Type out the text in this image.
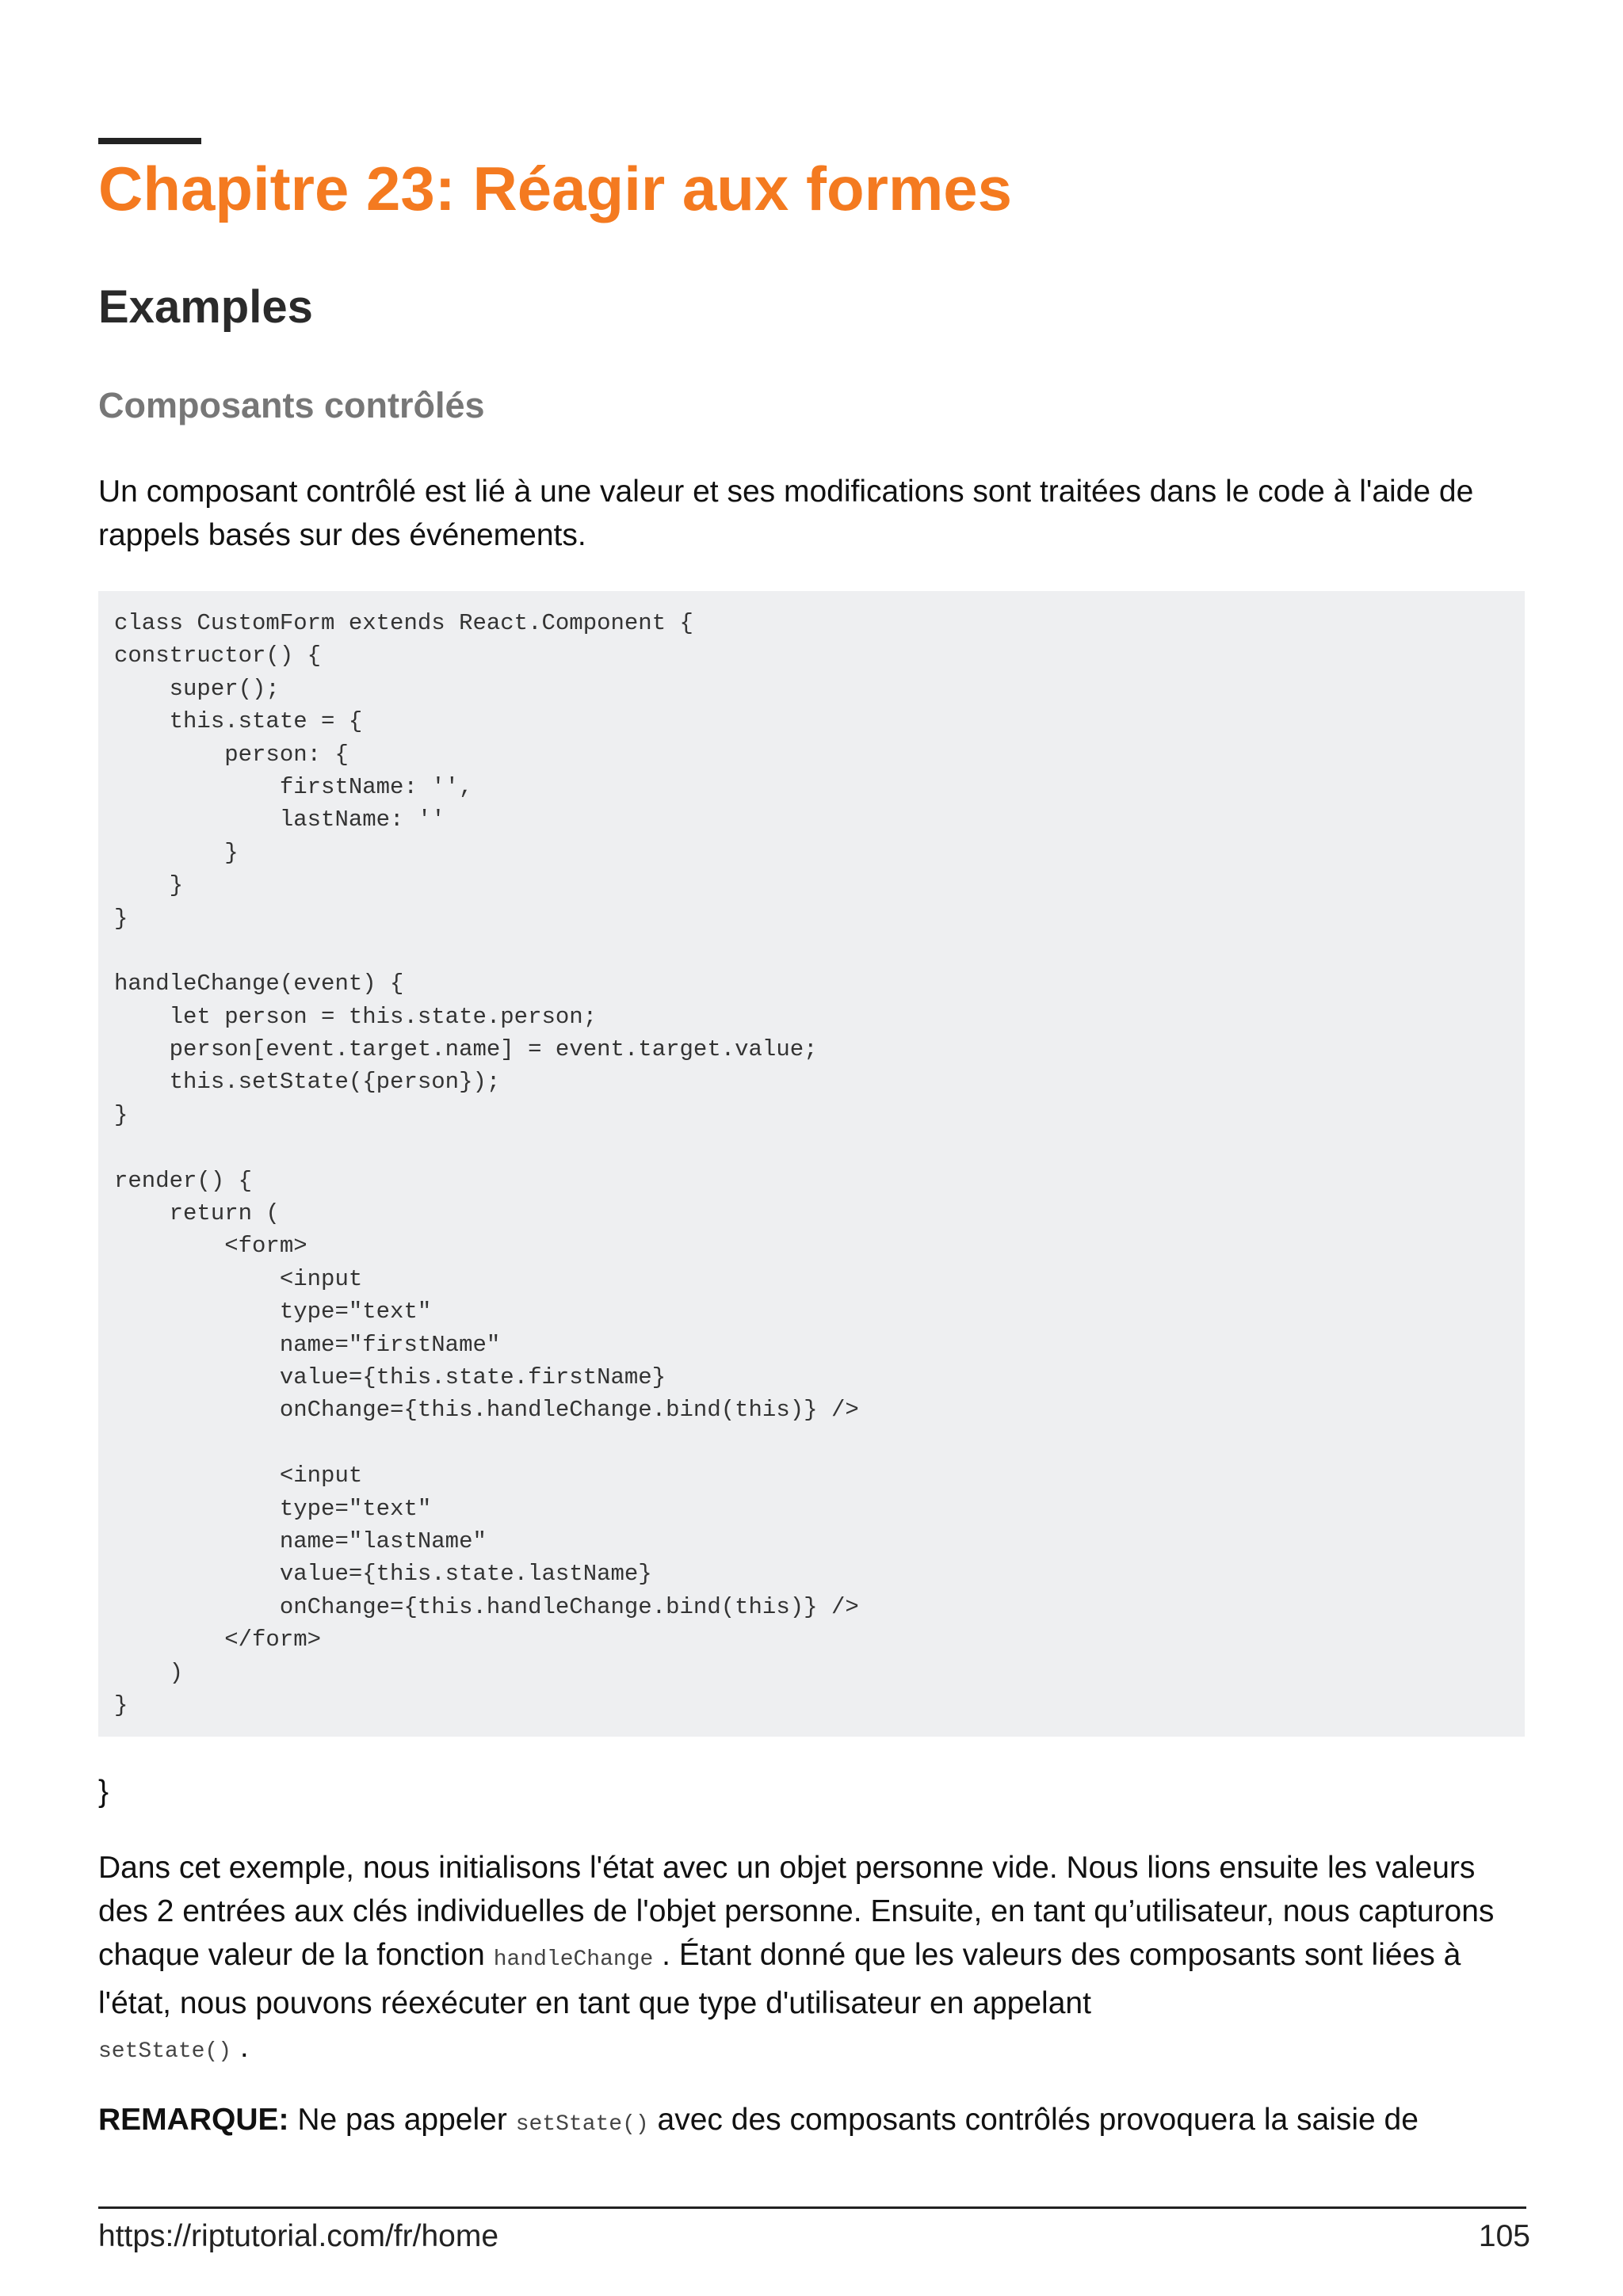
Chapitre 23: Réagir aux formes
Examples
Composants contrôlés

Un composant contrôlé est lié à une valeur et ses modifications sont traitées dans le code à l'aide de rappels basés sur des événements.

class CustomForm extends React.Component {
constructor() {
super();
this.state = {
person: {
firstName: '',
lastName: ''
}
}
}
handleChange(event) {
let person = this.state.person;
person[event.target.name] = event.target.value;
this.setState({person});
}
render() {
return (
<form>
<input
type="text"
name="firstName"
value={this.state.firstName}
onChange={this.handleChange.bind(this)} />
<input
type="text"
name="lastName"
value={this.state.lastName}
onChange={this.handleChange.bind(this)} />
</form>
)
}

}

Dans cet exemple, nous initialisons l'état avec un objet personne vide. Nous lions ensuite les valeurs des 2 entrées aux clés individuelles de l'objet personne. Ensuite, en tant qu’utilisateur, nous capturons chaque valeur de la fonction handleChange . Étant donné que les valeurs des composants sont liées à l'état, nous pouvons réexécuter en tant que type d'utilisateur en appelant
setState() .

REMARQUE: Ne pas appeler setState() avec des composants contrôlés provoquera la saisie de

https://riptutorial.com/fr/home	105
